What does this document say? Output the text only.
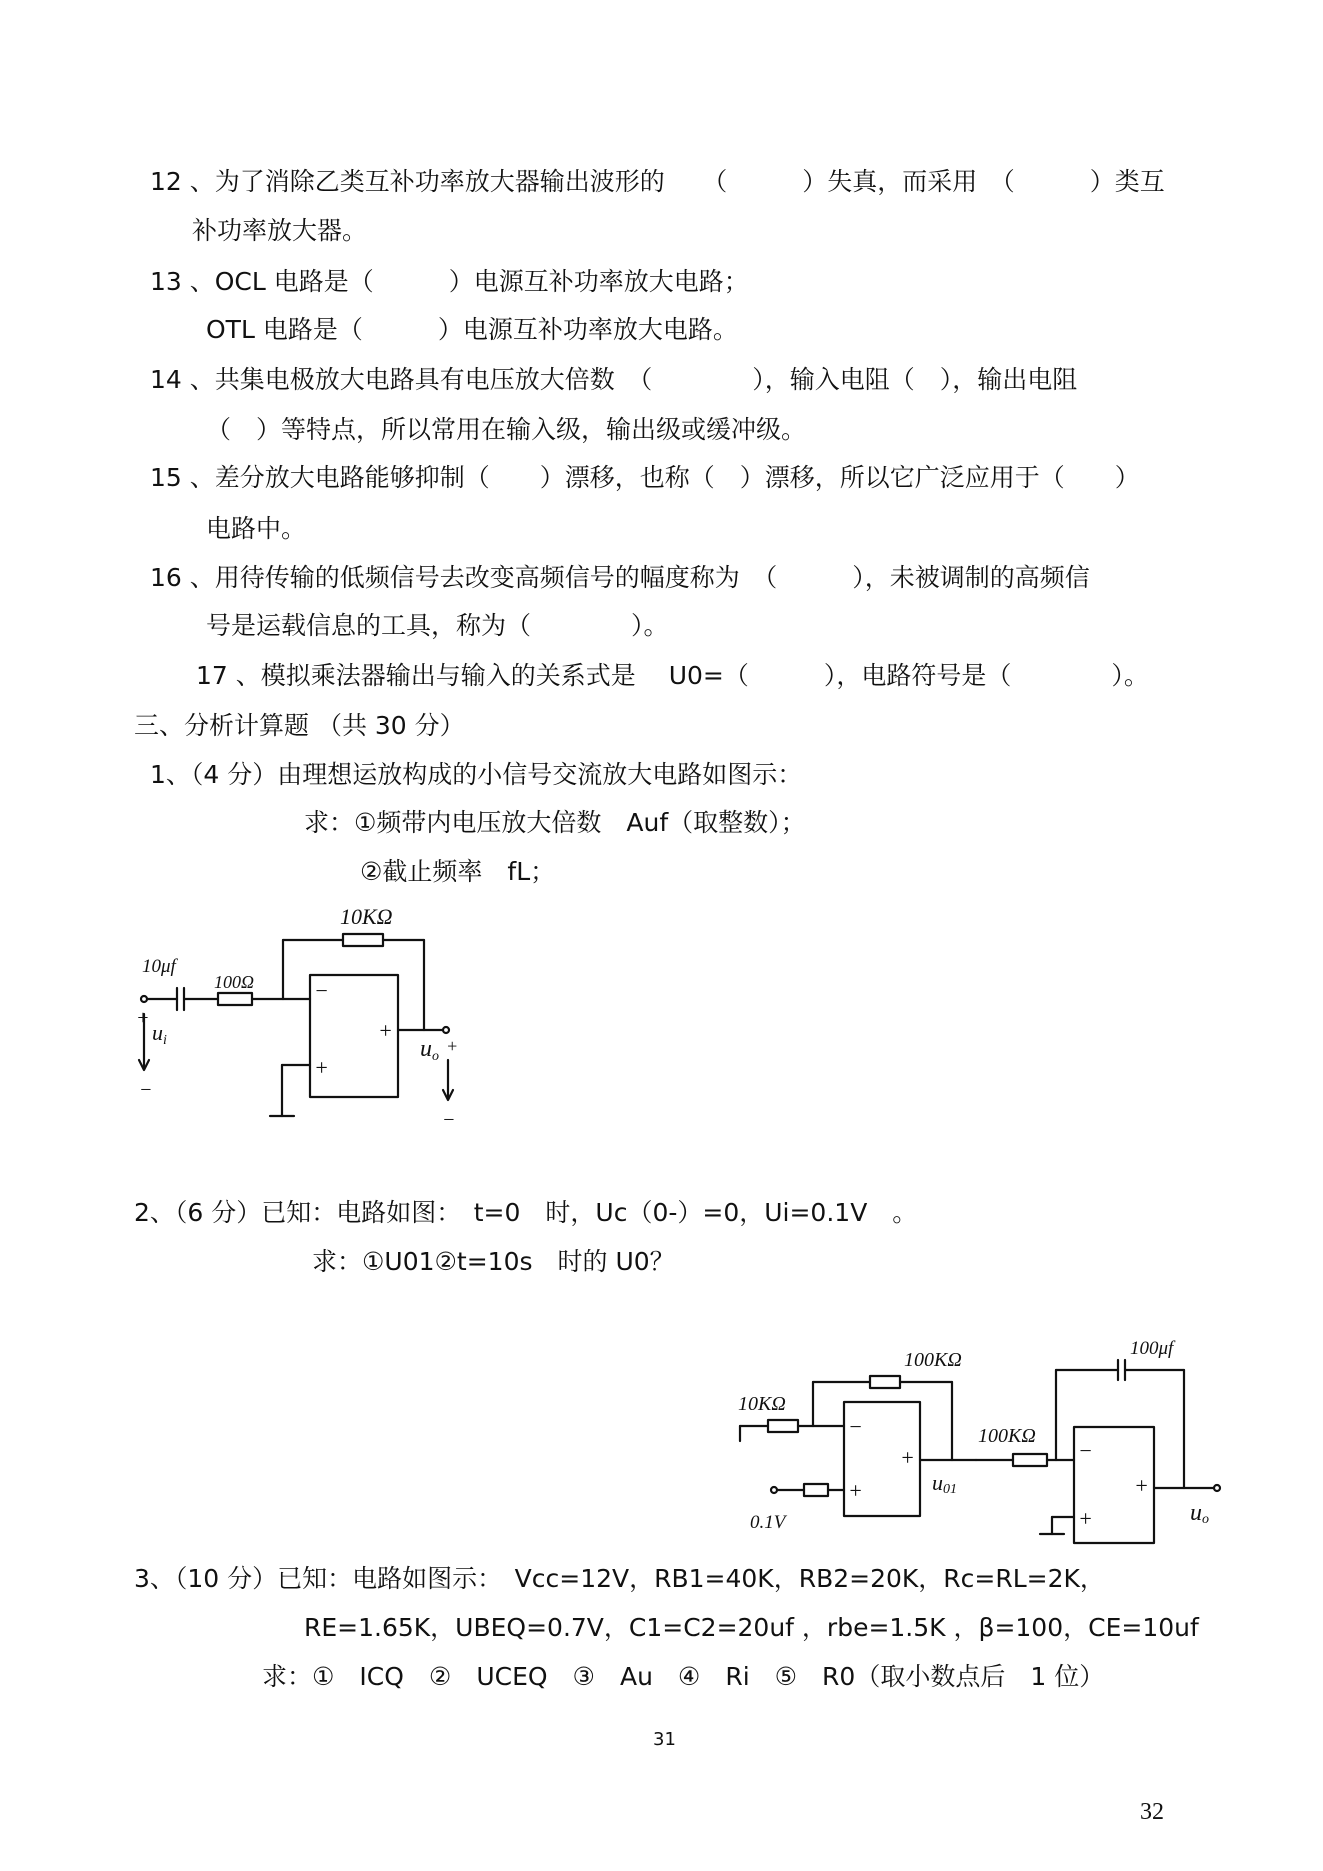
12 、为了消除乙类互补功率放大器输出波形的　　（　　　）失真，而采用　（　　　）类互
补功率放大器。
13 、OCL 电路是（　　　）电源互补功率放大电路；
OTL 电路是（　　　）电源互补功率放大电路。
14 、共集电极放大电路具有电压放大倍数　（　　　　），输入电阻（　），输出电阻
（　）等特点，所以常用在输入级，输出级或缓冲级。
15 、差分放大电路能够抑制（　　）漂移，也称（　）漂移，所以它广泛应用于（　　）
电路中。
16 、用待传输的低频信号去改变高频信号的幅度称为　（　　　），未被调制的高频信
号是运载信息的工具，称为（　　　　）。
17 、模拟乘法器输出与输入的关系式是　 U0=（　　　），电路符号是（　　　　）。
三、分析计算题 （共 30 分）
1、（4 分）由理想运放构成的小信号交流放大电路如图示：
求：①频带内电压放大倍数　Auf（取整数）；
②截止频率　fL；
10KΩ
10μf
100Ω	−
+
+
+
ui
−
uo
+
−
2、（6 分）已知：电路如图：　t=0　时，Uc（0-）=0，Ui=0.1V　。
求：①U01②t=10s　时的 U0？
10KΩ
100KΩ
100KΩ
100μf
0.1V
−
+
+
u01
−
+
+
uo
3、（10 分）已知：电路如图示：　Vcc=12V，RB1=40K，RB2=20K，Rc=RL=2K，
RE=1.65K，UBEQ=0.7V，C1=C2=20uf ，rbe=1.5K ，β=100，CE=10uf
求：①　ICQ　②　UCEQ　③　Au　④　Ri　⑤　R0（取小数点后　1 位）
31
32
